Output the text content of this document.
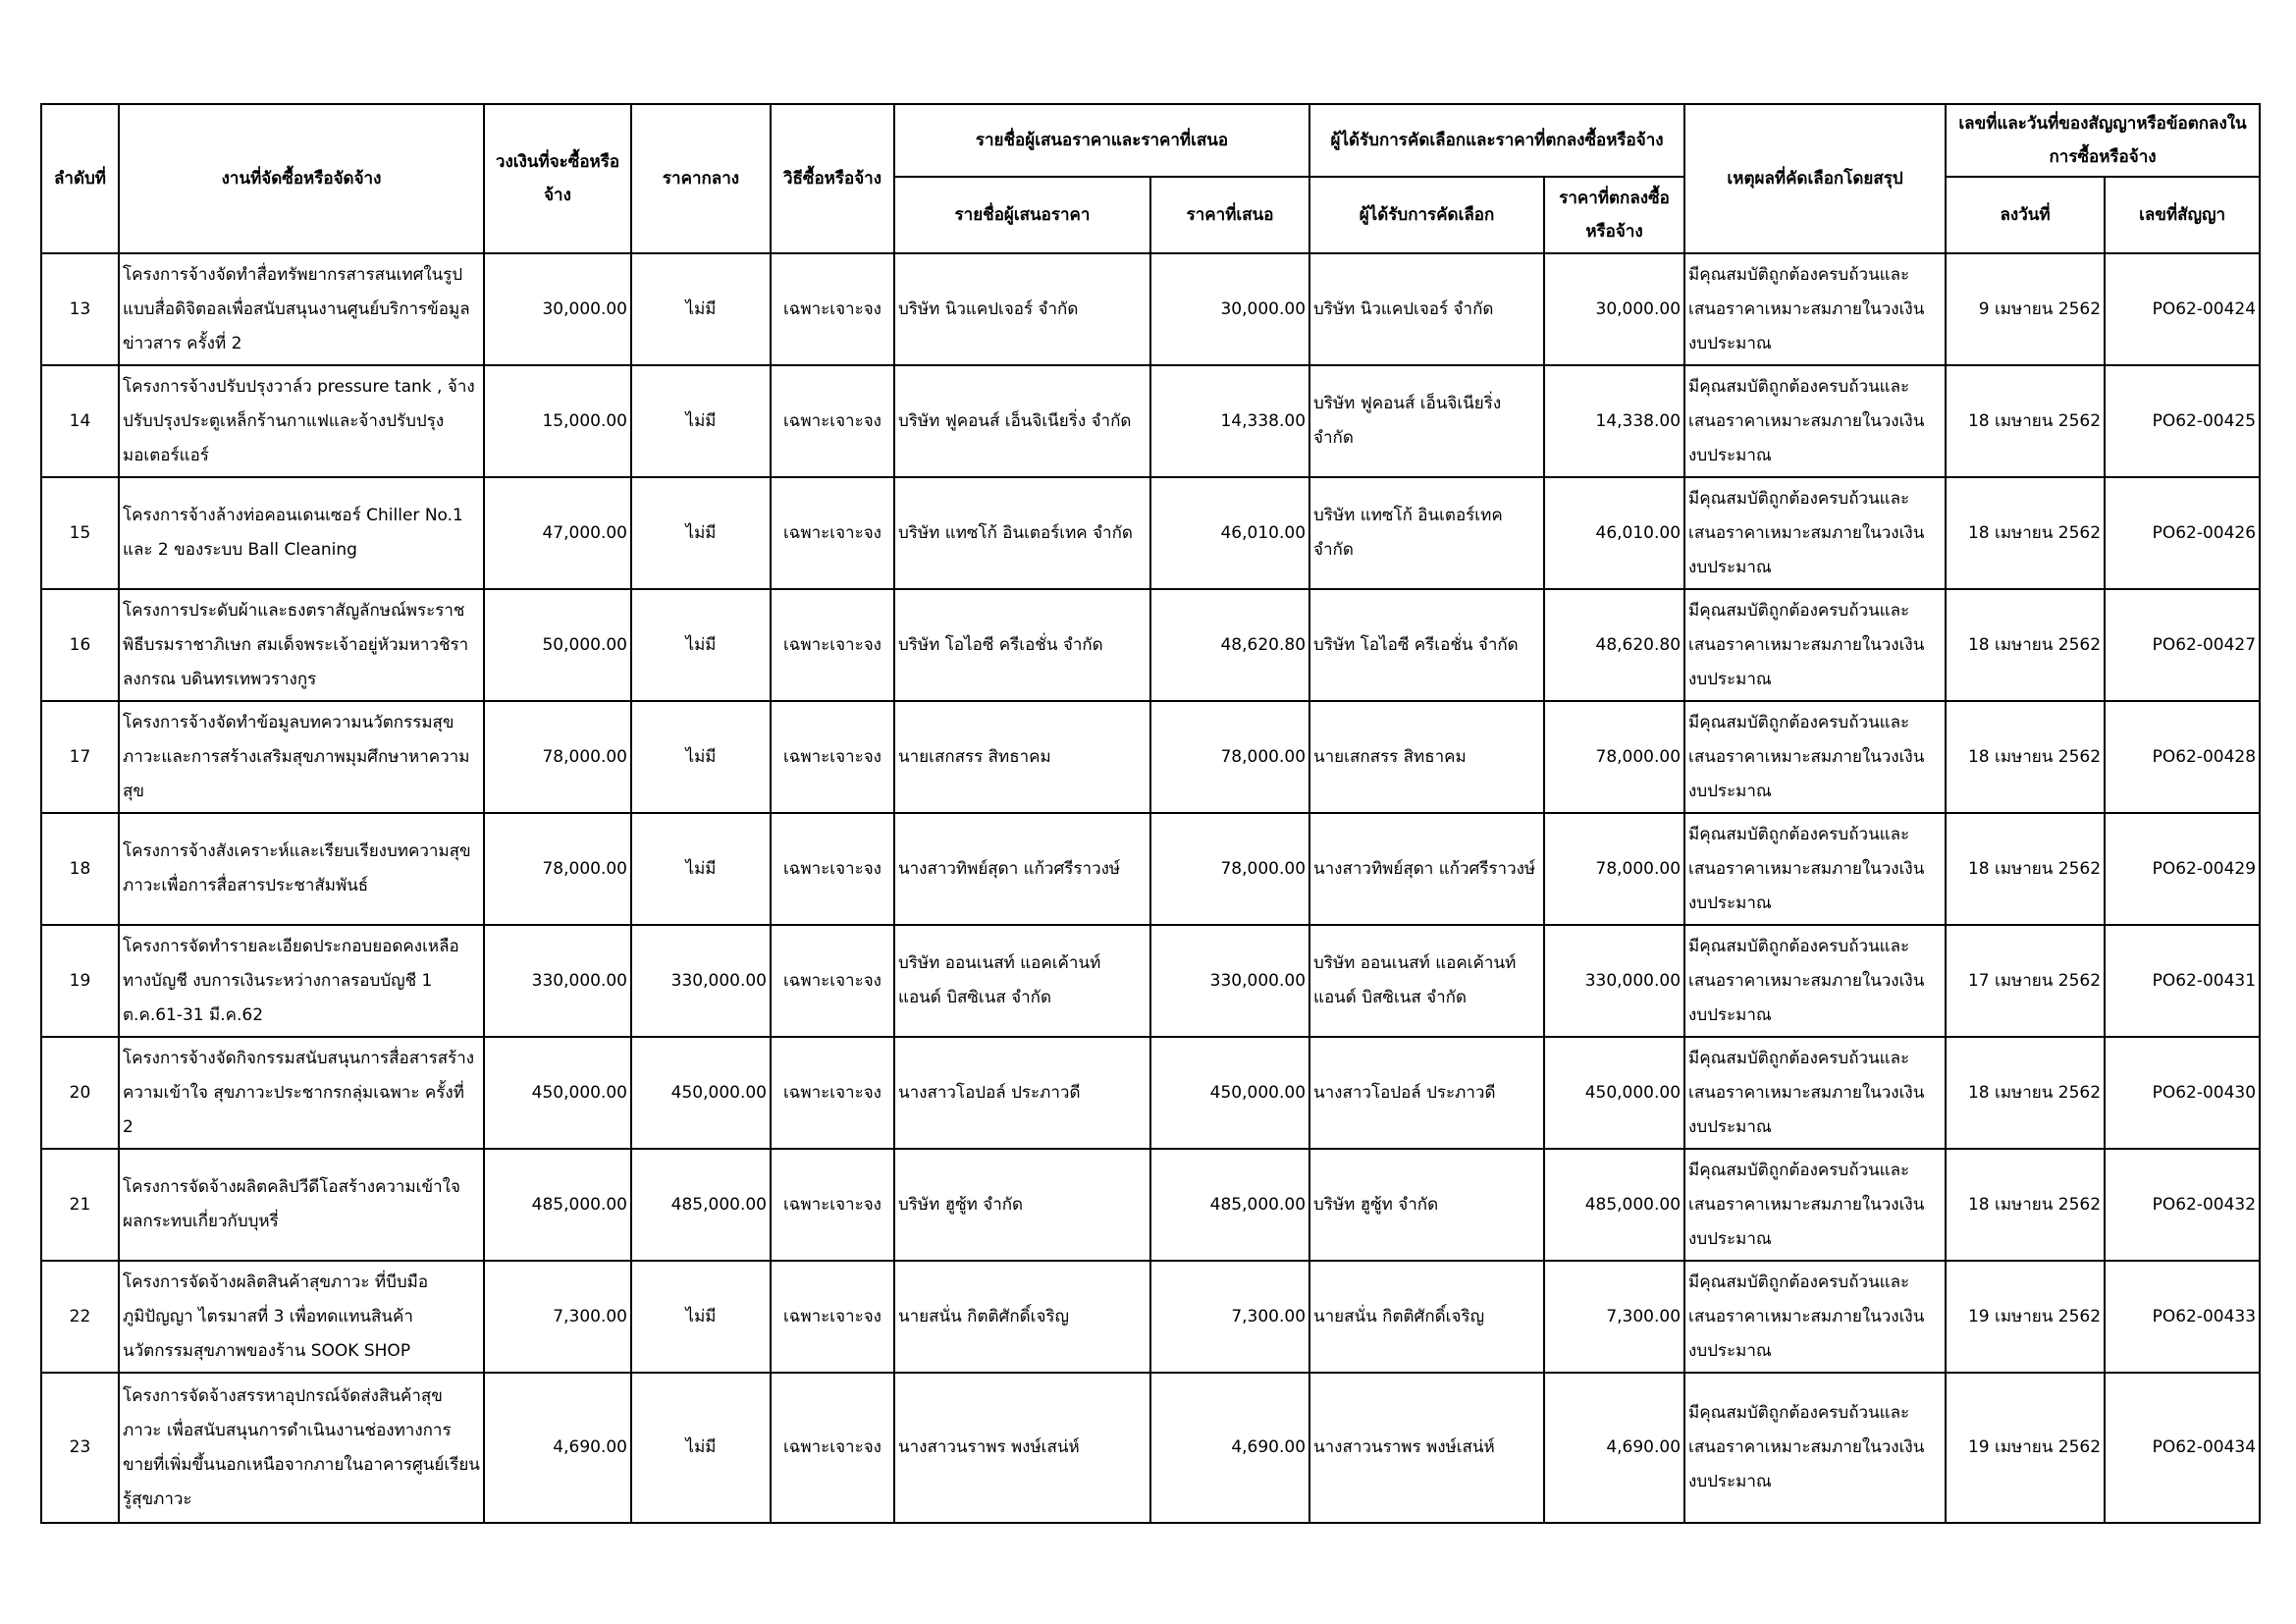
ลำดับที่	งานที่จัดซื้อหรือจัดจ้าง	วงเงินที่จะซื้อหรือจ้าง	ราคากลาง	วิธีซื้อหรือจ้าง	รายชื่อผู้เสนอราคาและราคาที่เสนอ		ผู้ได้รับการคัดเลือกและราคาที่ตกลงซื้อหรือจ้าง		เหตุผลที่คัดเลือกโดยสรุป	เลขที่และวันที่ของสัญญาหรือข้อตกลงในการซื้อหรือจ้าง	
					รายชื่อผู้เสนอราคา	ราคาที่เสนอ	ผู้ได้รับการคัดเลือก	ราคาที่ตกลงซื้อหรือจ้าง		ลงวันที่	เลขที่สัญญา
13	โครงการจ้างจัดทำสื่อทรัพยากรสารสนเทศในรูปแบบสื่อดิจิตอลเพื่อสนับสนุนงานศูนย์บริการข้อมูลข่าวสาร ครั้งที่ 2	30,000.00	ไม่มี	เฉพาะเจาะจง	บริษัท นิวแคปเจอร์ จำกัด	30,000.00	บริษัท นิวแคปเจอร์ จำกัด	30,000.00	มีคุณสมบัติถูกต้องครบถ้วนและเสนอราคาเหมาะสมภายในวงเงินงบประมาณ	9 เมษายน 2562	PO62-00424
14	โครงการจ้างปรับปรุงวาล์ว pressure tank , จ้างปรับปรุงประตูเหล็กร้านกาแฟและจ้างปรับปรุงมอเตอร์แอร์	15,000.00	ไม่มี	เฉพาะเจาะจง	บริษัท ฟูคอนส์ เอ็นจิเนียริ่ง จำกัด	14,338.00	บริษัท ฟูคอนส์ เอ็นจิเนียริ่ง จำกัด	14,338.00	มีคุณสมบัติถูกต้องครบถ้วนและเสนอราคาเหมาะสมภายในวงเงินงบประมาณ	18 เมษายน 2562	PO62-00425
15	โครงการจ้างล้างท่อคอนเดนเซอร์ Chiller No.1 และ 2 ของระบบ Ball Cleaning	47,000.00	ไม่มี	เฉพาะเจาะจง	บริษัท แทซโก้ อินเตอร์เทค จำกัด	46,010.00	บริษัท แทซโก้ อินเตอร์เทค จำกัด	46,010.00	มีคุณสมบัติถูกต้องครบถ้วนและเสนอราคาเหมาะสมภายในวงเงินงบประมาณ	18 เมษายน 2562	PO62-00426
16	โครงการประดับผ้าและธงตราสัญลักษณ์พระราชพิธีบรมราชาภิเษก สมเด็จพระเจ้าอยู่หัวมหาวชิราลงกรณ บดินทรเทพวรางกูร	50,000.00	ไม่มี	เฉพาะเจาะจง	บริษัท โอไอซี ครีเอชั่น จำกัด	48,620.80	บริษัท โอไอซี ครีเอชั่น จำกัด	48,620.80	มีคุณสมบัติถูกต้องครบถ้วนและเสนอราคาเหมาะสมภายในวงเงินงบประมาณ	18 เมษายน 2562	PO62-00427
17	โครงการจ้างจัดทำข้อมูลบทความนวัตกรรมสุขภาวะและการสร้างเสริมสุขภาพมุมศึกษาหาความสุข	78,000.00	ไม่มี	เฉพาะเจาะจง	นายเสกสรร สิทธาคม	78,000.00	นายเสกสรร สิทธาคม	78,000.00	มีคุณสมบัติถูกต้องครบถ้วนและเสนอราคาเหมาะสมภายในวงเงินงบประมาณ	18 เมษายน 2562	PO62-00428
18	โครงการจ้างสังเคราะห์และเรียบเรียงบทความสุขภาวะเพื่อการสื่อสารประชาสัมพันธ์	78,000.00	ไม่มี	เฉพาะเจาะจง	นางสาวทิพย์สุดา แก้วศรีราวงษ์	78,000.00	นางสาวทิพย์สุดา แก้วศรีราวงษ์	78,000.00	มีคุณสมบัติถูกต้องครบถ้วนและเสนอราคาเหมาะสมภายในวงเงินงบประมาณ	18 เมษายน 2562	PO62-00429
19	โครงการจัดทำรายละเอียดประกอบยอดคงเหลือทางบัญชี งบการเงินระหว่างกาลรอบบัญชี 1 ต.ค.61-31 มี.ค.62	330,000.00	330,000.00	เฉพาะเจาะจง	บริษัท ออนเนสท์ แอคเค้านท์ แอนด์ บิสซิเนส จำกัด	330,000.00	บริษัท ออนเนสท์ แอคเค้านท์ แอนด์ บิสซิเนส จำกัด	330,000.00	มีคุณสมบัติถูกต้องครบถ้วนและเสนอราคาเหมาะสมภายในวงเงินงบประมาณ	17 เมษายน 2562	PO62-00431
20	โครงการจ้างจัดกิจกรรมสนับสนุนการสื่อสารสร้างความเข้าใจ สุขภาวะประชากรกลุ่มเฉพาะ ครั้งที่ 2	450,000.00	450,000.00	เฉพาะเจาะจง	นางสาวโอปอล์ ประภาวดี	450,000.00	นางสาวโอปอล์ ประภาวดี	450,000.00	มีคุณสมบัติถูกต้องครบถ้วนและเสนอราคาเหมาะสมภายในวงเงินงบประมาณ	18 เมษายน 2562	PO62-00430
21	โครงการจัดจ้างผลิตคลิปวีดีโอสร้างความเข้าใจผลกระทบเกี่ยวกับบุหรี่	485,000.00	485,000.00	เฉพาะเจาะจง	บริษัท ฮูซู้ท จำกัด	485,000.00	บริษัท ฮูซู้ท จำกัด	485,000.00	มีคุณสมบัติถูกต้องครบถ้วนและเสนอราคาเหมาะสมภายในวงเงินงบประมาณ	18 เมษายน 2562	PO62-00432
22	โครงการจัดจ้างผลิตสินค้าสุขภาวะ ที่บีบมือภูมิปัญญา ไตรมาสที่ 3 เพื่อทดแทนสินค้านวัตกรรมสุขภาพของร้าน SOOK SHOP	7,300.00	ไม่มี	เฉพาะเจาะจง	นายสนั่น กิตติศักดิ์เจริญ	7,300.00	นายสนั่น กิตติศักดิ์เจริญ	7,300.00	มีคุณสมบัติถูกต้องครบถ้วนและเสนอราคาเหมาะสมภายในวงเงินงบประมาณ	19 เมษายน 2562	PO62-00433
23	โครงการจัดจ้างสรรหาอุปกรณ์จัดส่งสินค้าสุขภาวะ เพื่อสนับสนุนการดำเนินงานช่องทางการขายที่เพิ่มขึ้นนอกเหนือจากภายในอาคารศูนย์เรียนรู้สุขภาวะ	4,690.00	ไม่มี	เฉพาะเจาะจง	นางสาวนราพร พงษ์เสน่ห์	4,690.00	นางสาวนราพร พงษ์เสน่ห์	4,690.00	มีคุณสมบัติถูกต้องครบถ้วนและเสนอราคาเหมาะสมภายในวงเงินงบประมาณ	19 เมษายน 2562	PO62-00434
